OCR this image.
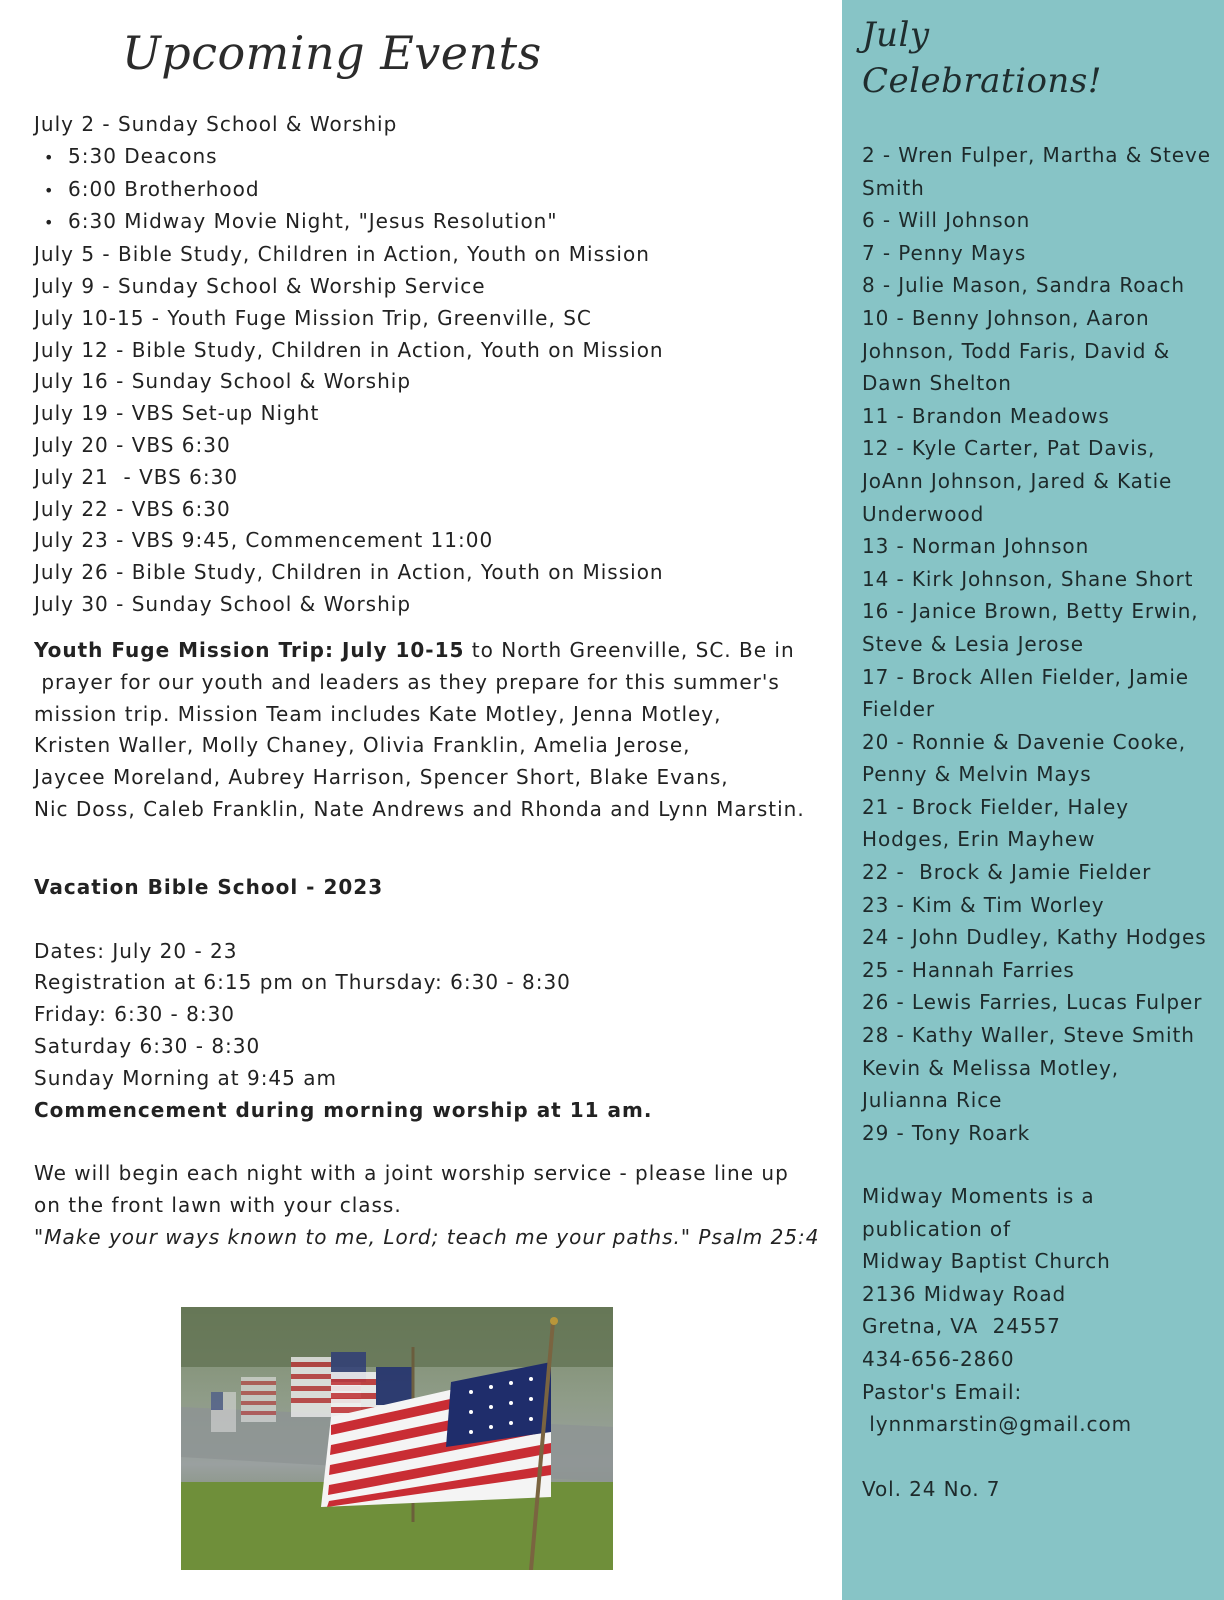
Upcoming Events
July 2 - Sunday School & Worship
• 5:30 Deacons
• 6:00 Brotherhood
• 6:30 Midway Movie Night, "Jesus Resolution"
July 5 - Bible Study, Children in Action, Youth on Mission
July 9 - Sunday School & Worship Service
July 10-15 - Youth Fuge Mission Trip, Greenville, SC
July 12 - Bible Study, Children in Action, Youth on Mission
July 16 - Sunday School & Worship
July 19 - VBS Set-up Night
July 20 - VBS 6:30
July 21  - VBS 6:30
July 22 - VBS 6:30
July 23 - VBS 9:45, Commencement 11:00
July 26 - Bible Study, Children in Action, Youth on Mission
July 30 - Sunday School & Worship

Youth Fuge Mission Trip: July 10-15 to North Greenville, SC. Be in

prayer for our youth and leaders as they prepare for this summer's

mission trip. Mission Team includes Kate Motley, Jenna Motley,

Kristen Waller, Molly Chaney, Olivia Franklin, Amelia Jerose,

Jaycee Moreland, Aubrey Harrison, Spencer Short, Blake Evans,

Nic Doss, Caleb Franklin, Nate Andrews and Rhonda and Lynn Marstin.

Vacation Bible School - 2023

Dates: July 20 - 23

Registration at 6:15 pm on Thursday: 6:30 - 8:30

Friday: 6:30 - 8:30

Saturday 6:30 - 8:30

Sunday Morning at 9:45 am

Commencement during morning worship at 11 am.

We will begin each night with a joint worship service - please line up

on the front lawn with your class.

"Make your ways known to me, Lord; teach me your paths." Psalm 25:4

July
Celebrations!
2 - Wren Fulper, Martha & Steve
Smith
6 - Will Johnson
7 - Penny Mays
8 - Julie Mason, Sandra Roach
10 - Benny Johnson, Aaron
Johnson, Todd Faris, David &
Dawn Shelton
11 - Brandon Meadows
12 - Kyle Carter, Pat Davis,
JoAnn Johnson, Jared & Katie
Underwood
13 - Norman Johnson
14 - Kirk Johnson, Shane Short
16 - Janice Brown, Betty Erwin,
Steve & Lesia Jerose
17 - Brock Allen Fielder, Jamie
Fielder
20 - Ronnie & Davenie Cooke,
Penny & Melvin Mays
21 - Brock Fielder, Haley
Hodges, Erin Mayhew
22 -  Brock & Jamie Fielder
23 - Kim & Tim Worley
24 - John Dudley, Kathy Hodges
25 - Hannah Farries
26 - Lewis Farries, Lucas Fulper
28 - Kathy Waller, Steve Smith
Kevin & Melissa Motley,
Julianna Rice
29 - Tony Roark
Midway Moments is a
publication of
Midway Baptist Church
2136 Midway Road
Gretna, VA  24557
434-656-2860
Pastor's Email:
lynnmarstin@gmail.com
Vol. 24 No. 7
